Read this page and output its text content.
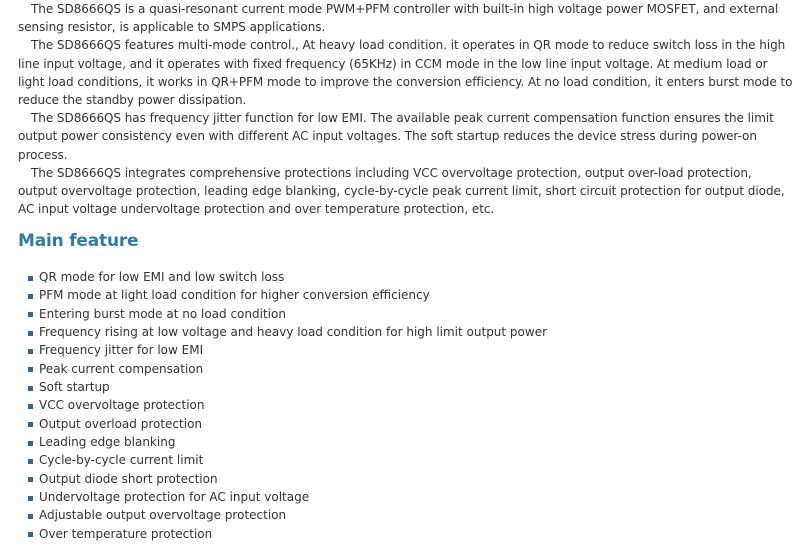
The SD8666QS is a quasi-resonant current mode PWM+PFM controller with built-in high voltage power MOSFET, and external sensing resistor, is applicable to SMPS applications.

The SD8666QS features multi-mode control., At heavy load condition. it operates in QR mode to reduce switch loss in the high line input voltage, and it operates with fixed frequency (65KHz) in CCM mode in the low line input voltage. At medium load or light load conditions, it works in QR+PFM mode to improve the conversion efficiency. At no load condition, it enters burst mode to reduce the standby power dissipation.

The SD8666QS has frequency jitter function for low EMI. The available peak current compensation function ensures the limit output power consistency even with different AC input voltages. The soft startup reduces the device stress during power-on process.

The SD8666QS integrates comprehensive protections including VCC overvoltage protection, output over-load protection, output overvoltage protection, leading edge blanking, cycle-by-cycle peak current limit, short circuit protection for output diode, AC input voltage undervoltage protection and over temperature protection, etc.

Main feature
QR mode for low EMI and low switch loss
PFM mode at light load condition for higher conversion efficiency
Entering burst mode at no load condition
Frequency rising at low voltage and heavy load condition for high limit output power
Frequency jitter for low EMI
Peak current compensation
Soft startup
VCC overvoltage protection
Output overload protection
Leading edge blanking
Cycle-by-cycle current limit
Output diode short protection
Undervoltage protection for AC input voltage
Adjustable output overvoltage protection
Over temperature protection
